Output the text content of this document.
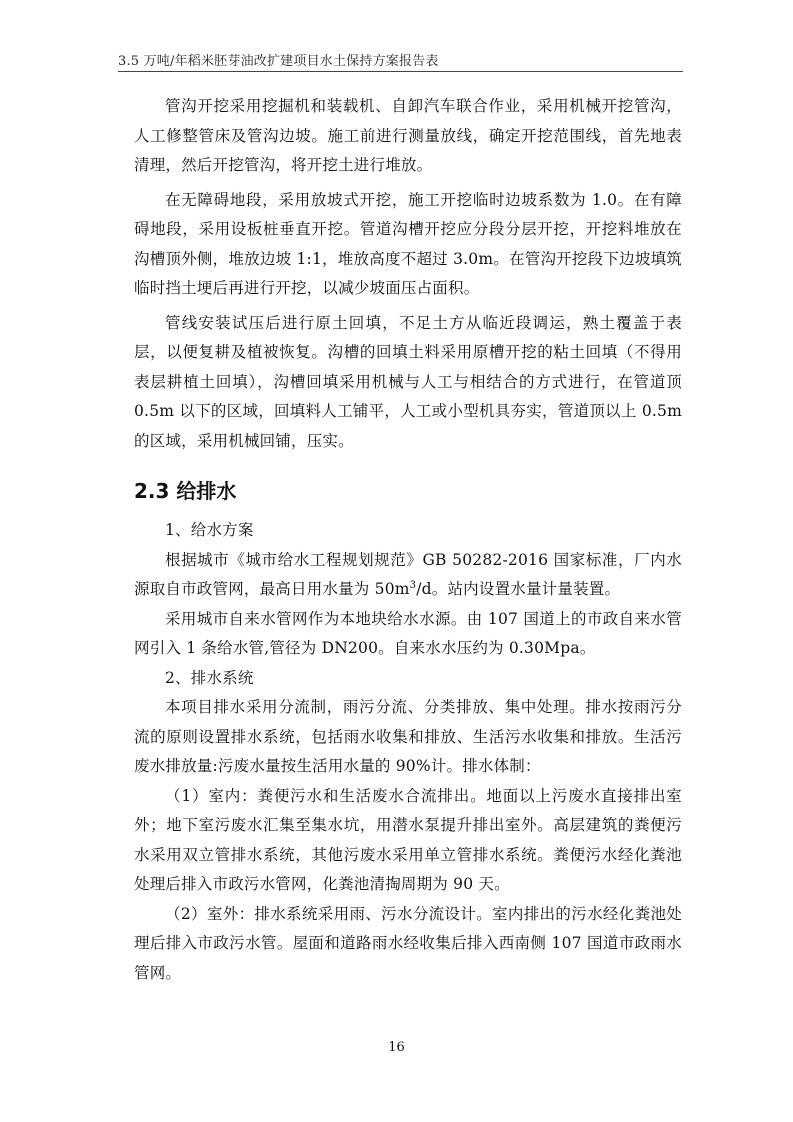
3.5 万吨/年稻米胚芽油改扩建项目水土保持方案报告表

管沟开挖采用挖掘机和装载机、自卸汽车联合作业，采用机械开挖管沟，人工修整管床及管沟边坡。施工前进行测量放线，确定开挖范围线，首先地表清理，然后开挖管沟，将开挖土进行堆放。

在无障碍地段，采用放坡式开挖，施工开挖临时边坡系数为 1.0。在有障碍地段，采用设板桩垂直开挖。管道沟槽开挖应分段分层开挖，开挖料堆放在沟槽顶外侧，堆放边坡 1:1，堆放高度不超过 3.0m。在管沟开挖段下边坡填筑临时挡土埂后再进行开挖，以减少坡面压占面积。

管线安装试压后进行原土回填，不足土方从临近段调运，熟土覆盖于表层，以便复耕及植被恢复。沟槽的回填土料采用原槽开挖的粘土回填（不得用表层耕植土回填），沟槽回填采用机械与人工与相结合的方式进行，在管道顶 0.5m 以下的区域，回填料人工铺平，人工或小型机具夯实，管道顶以上 0.5m 的区域，采用机械回铺，压实。

2.3 给排水

1、给水方案

根据城市《城市给水工程规划规范》GB 50282-2016 国家标准，厂内水源取自市政管网，最高日用水量为 $50m^3/d$。站内设置水量计量装置。

采用城市自来水管网作为本地块给水水源。由 107 国道上的市政自来水管网引入 1 条给水管,管径为 DN200。自来水水压约为 0.30Mpa。

2、排水系统

本项目排水采用分流制，雨污分流、分类排放、集中处理。排水按雨污分流的原则设置排水系统，包括雨水收集和排放、生活污水收集和排放。生活污废水排放量:污废水量按生活用水量的 90%计。排水体制：

（1）室内：粪便污水和生活废水合流排出。地面以上污废水直接排出室外；地下室污废水汇集至集水坑，用潜水泵提升排出室外。高层建筑的粪便污水采用双立管排水系统，其他污废水采用单立管排水系统。粪便污水经化粪池处理后排入市政污水管网，化粪池清掏周期为 90 天。

（2）室外：排水系统采用雨、污水分流设计。室内排出的污水经化粪池处理后排入市政污水管。屋面和道路雨水经收集后排入西南侧 107 国道市政雨水管网。

16
